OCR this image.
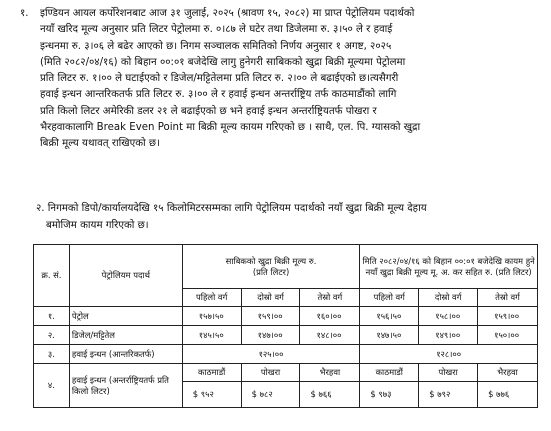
१.	इण्डियन आयल कर्पोरेशनबाट आज ३१ जुलाई, २०२५ (श्रावण १५, २०८२) मा प्राप्त पेट्रोलियम पदार्थको
नयाँ खरिद मूल्य अनुसार प्रति लिटर पेट्रोलमा रु. ०।८७ ले घटेर तथा डिजेलमा रु. ३।५० ले र हवाई
इन्धनमा रु. ३।०६ ले बढेर आएको छ। निगम सञ्चालक समितिको निर्णय अनुसार १ अगष्ट, २०२५
(मिति २०८२/०४/१६) को बिहान ००:०१ बजेदेखि लागु हुनेगरी साबिकको खुद्रा बिक्री मूल्यमा पेट्रोलमा
प्रति लिटर रु. १।०० ले घटाईएको र डिजेल/मट्टितेलमा प्रति लिटर रु. २।०० ले बढाईएको छ।त्यसैगरी
हवाई इन्धन आन्तरिकतर्फ प्रति लिटर रु. ३।०० ले र हवाई इन्धन अन्तर्राष्ट्रिय तर्फ काठमाडौंको लागि
प्रति किलो लिटर अमेरिकी डलर २१ ले बढाईएको छ भने हवाई इन्धन अन्तर्राष्ट्रियतर्फ पोखरा र
भैरहवाकालागि Break Even Point मा बिक्री मूल्य कायम गरिएको छ । साथै, एल. पि. ग्यासको खुद्रा
बिक्री मूल्य यथावत् राखिएको छ।
२. निगमको डिपो/कार्यालयदेखि १५ किलोमिटरसम्मका लागि पेट्रोलियम पदार्थको नयाँ खुद्रा बिक्री मूल्य देहाय
बमोजिम कायम गरिएको छ।
क्र. सं.	पेट्रोलियम पदार्थ	साबिकको खुद्रा बिक्री मूल्य रु.
(प्रति लिटर)			मिति २०८२/०४/१६ को बिहान ००:०१ बजेदेखि कायम हुने नयाँ खुद्रा बिक्री मूल्य मू. अ. कर सहित रु. (प्रति लिटर)		
		पहिलो वर्ग	दोस्रो वर्ग	तेस्रो वर्ग	पहिलो वर्ग	दोस्रो वर्ग	तेस्रो वर्ग
१.	पेट्रोल	१५७।५०	१५९।००	१६०।००	१५६।५०	१५८।००	१५९।००
२.	डिजेल/मट्टितेल	१४५।५०	१४७।००	१४८।००	१४७।५०	१४९।००	१५०।००
३.	हवाई इन्धन (आन्तरिकतर्फ)	१२५।००			१२८।००		
४.	हवाई इन्धन (अन्तर्राष्ट्रियतर्फ प्रति किलो लिटर)	काठमाडौं	पोखरा	भैरहवा	काठमाडौं	पोखरा	भैरहवा
		$ ९५२	$ ७८२	$ ७६६	$ ९७३	$ ७९२	$ ७७६
